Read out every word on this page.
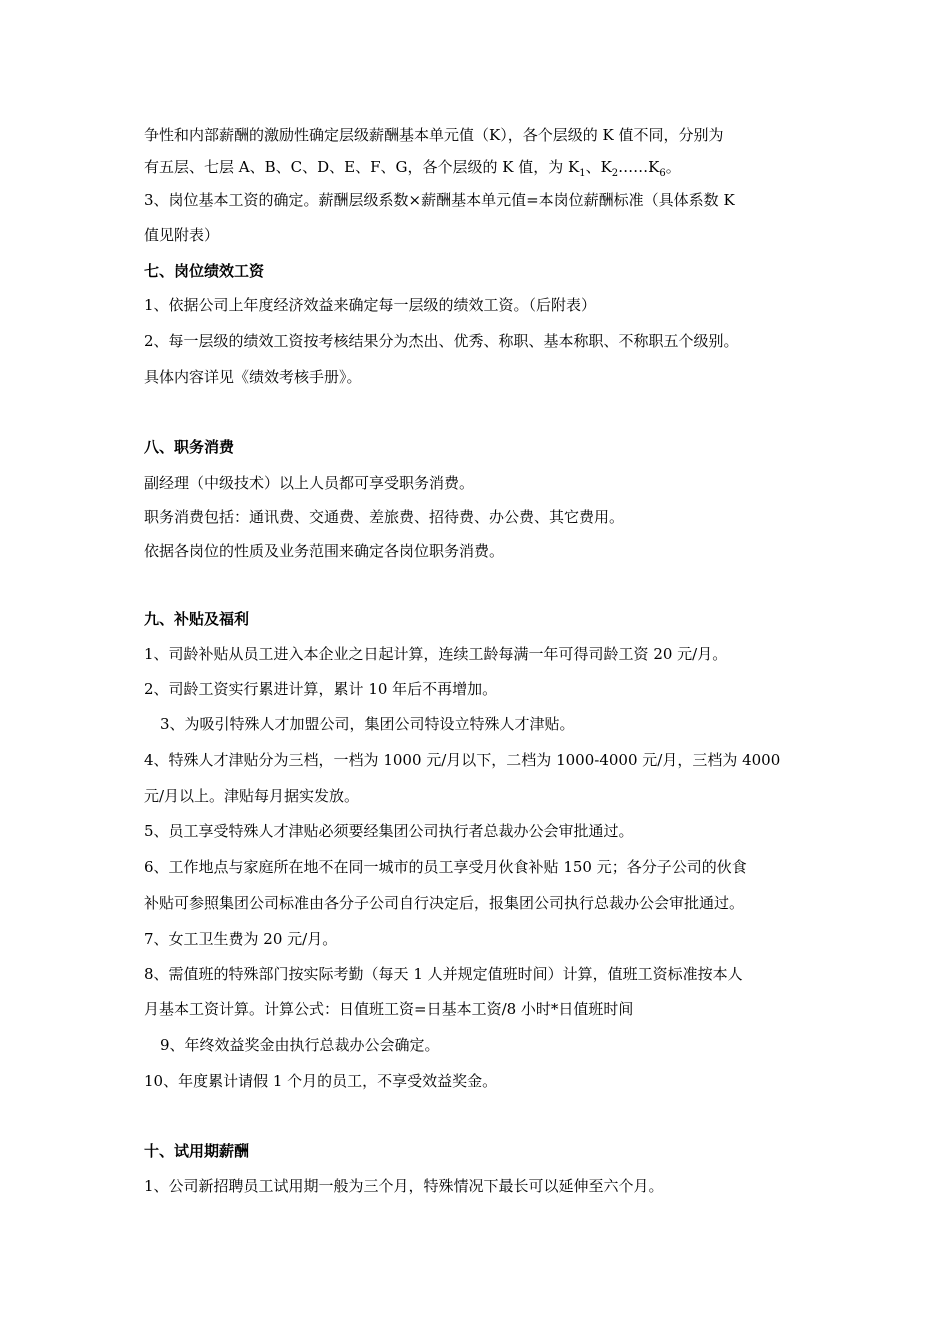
争性和内部薪酬的激励性确定层级薪酬基本单元值（K），各个层级的 K 值不同，分别为
有五层、七层 A、B、C、D、E、F、G，各个层级的 K 值，为 $K_1$、$K_2\dots\dots K_6$。
3、岗位基本工资的确定。薪酬层级系数×薪酬基本单元值=本岗位薪酬标准（具体系数 K
值见附表）
七、岗位绩效工资
1、依据公司上年度经济效益来确定每一层级的绩效工资。（后附表）
2、每一层级的绩效工资按考核结果分为杰出、优秀、称职、基本称职、不称职五个级别。
具体内容详见《绩效考核手册》。
八、职务消费
副经理（中级技术）以上人员都可享受职务消费。
职务消费包括：通讯费、交通费、差旅费、招待费、办公费、其它费用。
依据各岗位的性质及业务范围来确定各岗位职务消费。
九、补贴及福利
1、司龄补贴从员工进入本企业之日起计算，连续工龄每满一年可得司龄工资 20 元/月。
2、司龄工资实行累进计算，累计 10 年后不再增加。
3、为吸引特殊人才加盟公司，集团公司特设立特殊人才津贴。
4、特殊人才津贴分为三档，一档为 1000 元/月以下，二档为 1000-4000 元/月，三档为 4000
元/月以上。津贴每月据实发放。
5、员工享受特殊人才津贴必须要经集团公司执行者总裁办公会审批通过。
6、工作地点与家庭所在地不在同一城市的员工享受月伙食补贴 150 元；各分子公司的伙食
补贴可参照集团公司标准由各分子公司自行决定后，报集团公司执行总裁办公会审批通过。
7、女工卫生费为 20 元/月。
8、需值班的特殊部门按实际考勤（每天 1 人并规定值班时间）计算，值班工资标准按本人
月基本工资计算。计算公式：日值班工资=日基本工资/8 小时*日值班时间
9、年终效益奖金由执行总裁办公会确定。
10、年度累计请假 1 个月的员工，不享受效益奖金。
十、试用期薪酬
1、公司新招聘员工试用期一般为三个月，特殊情况下最长可以延伸至六个月。
